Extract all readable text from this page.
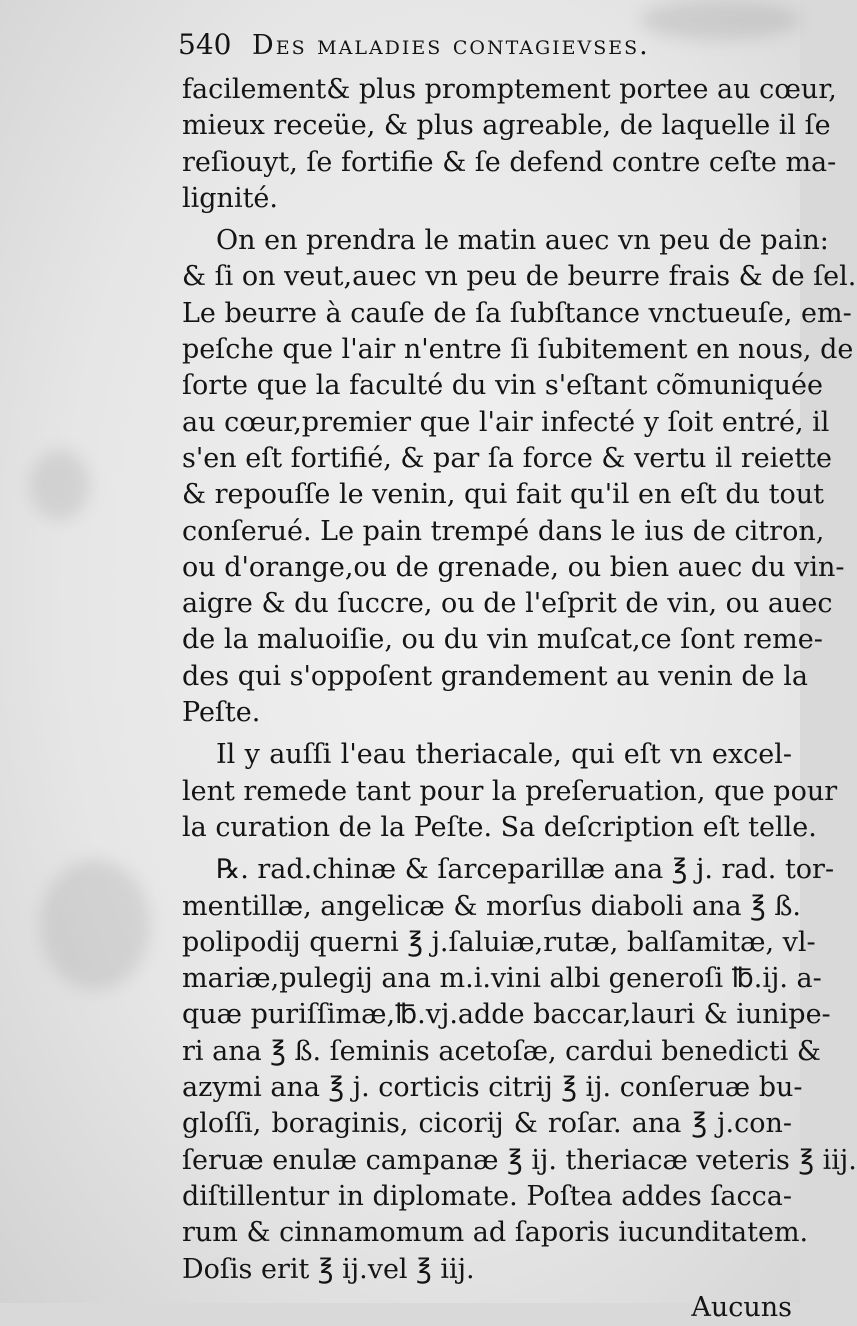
540 Des maladies contagievses.
facilement& plus promptement portee au cœur,
mieux receüe, & plus agreable, de laquelle il ſe
reſiouyt, ſe fortifie & ſe defend contre ceſte ma-
lignité.
On en prendra le matin auec vn peu de pain:
& ſi on veut,auec vn peu de beurre frais & de ſel.
Le beurre à cauſe de ſa ſubſtance vnctueuſe, em-
peſche que l'air n'entre ſi ſubitement en nous, de
ſorte que la faculté du vin s'eſtant cõmuniquée
au cœur,premier que l'air infecté y ſoit entré, il
s'en eſt fortifié, & par ſa force & vertu il reiette
& repouſſe le venin, qui fait qu'il en eſt du tout
conſerué. Le pain trempé dans le ius de citron,
ou d'orange,ou de grenade, ou bien auec du vin-
aigre & du ſuccre, ou de l'eſprit de vin, ou auec
de la maluoiſie, ou du vin muſcat,ce ſont reme-
des qui s'oppoſent grandement au venin de la
Peſte.
Il y auſſi l'eau theriacale, qui eſt vn excel-
lent remede tant pour la preſeruation, que pour
la curation de la Peſte. Sa deſcription eſt telle.
℞. rad.chinæ & ſarceparillæ ana ℥ j. rad. tor-
mentillæ, angelicæ & morſus diaboli ana ℥ ß.
polipodij querni ℥ j.ſaluiæ,rutæ, balſamitæ, vl-
mariæ,pulegij ana m.i.vini albi generoſi ℔.ij. a-
quæ puriſſimæ,℔.vj.adde baccar,lauri & iunipe-
ri ana ℥ ß. ſeminis acetoſæ, cardui benedicti &
azymi ana ℥ j. corticis citrij ℥ ij. conſeruæ bu-
gloſſi, boraginis, cicorij & roſar. ana ℥ j.con-
ſeruæ enulæ campanæ ℥ ij. theriacæ veteris ℥ iij.
diſtillentur in diplomate. Poſtea addes ſacca-
rum & cinnamomum ad ſaporis iucunditatem.
Doſis erit ℥ ij.vel ℥ iij.
Aucuns
